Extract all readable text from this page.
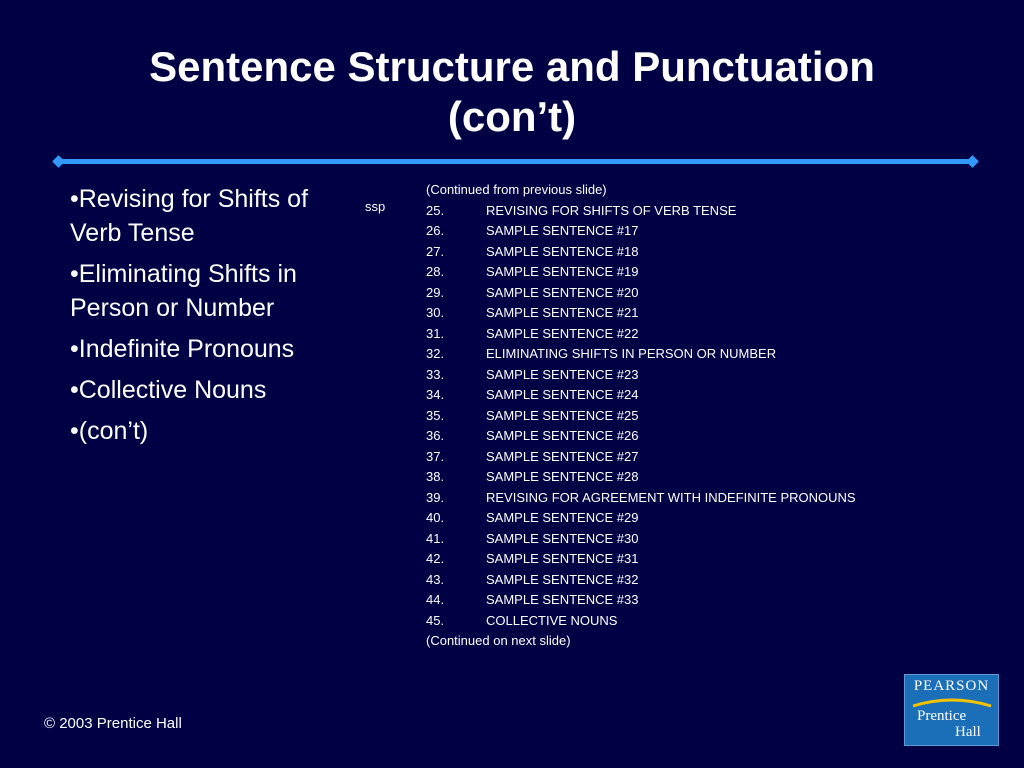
Sentence Structure and Punctuation
(con’t)
•Revising for Shifts of Verb Tense
•Eliminating Shifts in Person or Number
•Indefinite Pronouns
•Collective Nouns
•(con’t)
ssp
(Continued from previous slide)
25.	REVISING FOR SHIFTS OF VERB TENSE
26.	SAMPLE SENTENCE #17
27.	SAMPLE SENTENCE #18
28.	SAMPLE SENTENCE #19
29.	SAMPLE SENTENCE #20
30.	SAMPLE SENTENCE #21
31.	SAMPLE SENTENCE #22
32.	ELIMINATING SHIFTS IN PERSON OR NUMBER
33.	SAMPLE SENTENCE #23
34.	SAMPLE SENTENCE #24
35.	SAMPLE SENTENCE #25
36.	SAMPLE SENTENCE #26
37.	SAMPLE SENTENCE #27
38.	SAMPLE SENTENCE #28
39.	REVISING FOR AGREEMENT WITH INDEFINITE PRONOUNS
40.	SAMPLE SENTENCE #29
41.	SAMPLE SENTENCE #30
42.	SAMPLE SENTENCE #31
43.	SAMPLE SENTENCE #32
44.	SAMPLE SENTENCE #33
45.	COLLECTIVE NOUNS
(Continued on next slide)
© 2003 Prentice Hall
PEARSON
Prentice
Hall
